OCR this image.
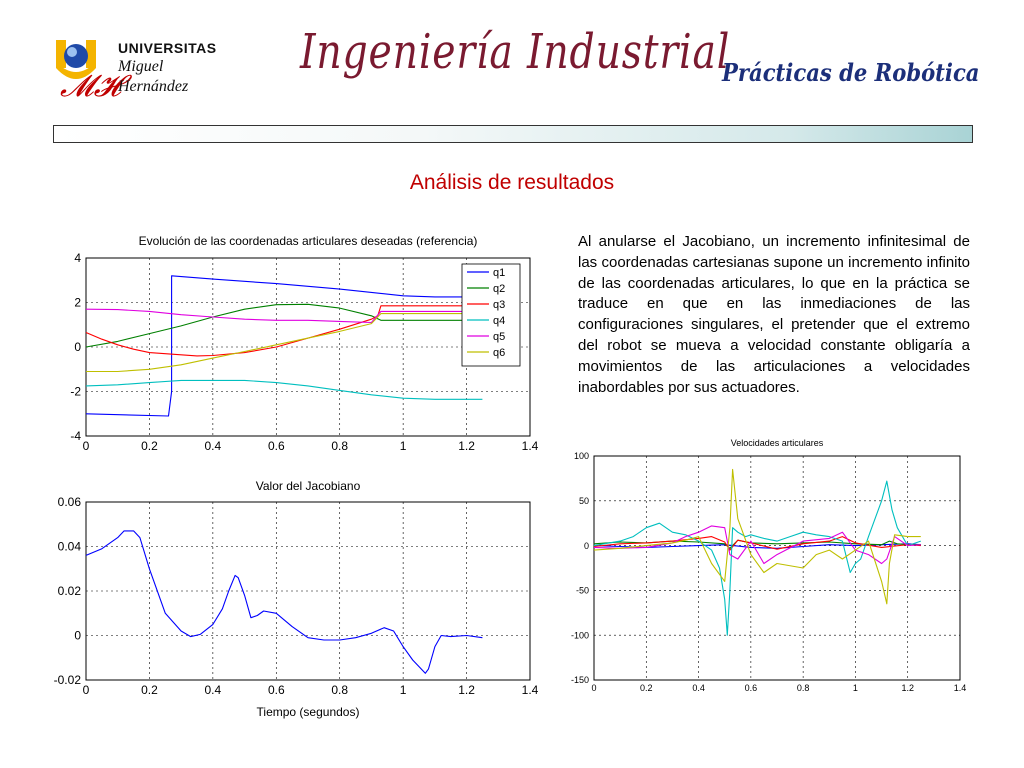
𝓜𝓗
UNIVERSITAS
Miguel
Hernández
Ingeniería Industrial
Prácticas de Robótica
Análisis de resultados
Al anularse el Jacobiano, un incremento infinitesimal de las coordenadas cartesianas supone un incremento infinito de las coordenadas articulares, lo que en la práctica se traduce en que en las inmediaciones de las configuraciones singulares, el pretender que el extremo del robot se mueva a velocidad constante obligaría a movimientos de las articulaciones a velocidades inabordables por sus actuadores.
Evolución de las coordenadas articulares deseadas (referencia)
0	0.2	0.4	0.6	0.8	1	1.2	1.4
4
2
0
-2
-4
q1
q2
q3
q4
q5
q6
Valor del Jacobiano
0	0.2	0.4	0.6	0.8	1	1.2	1.4
0.06
0.04
0.02
0
-0.02
Tiempo (segundos)
Velocidades articulares
0	0.2	0.4	0.6	0.8	1	1.2	1.4
100
50
0
-50
-100
-150
